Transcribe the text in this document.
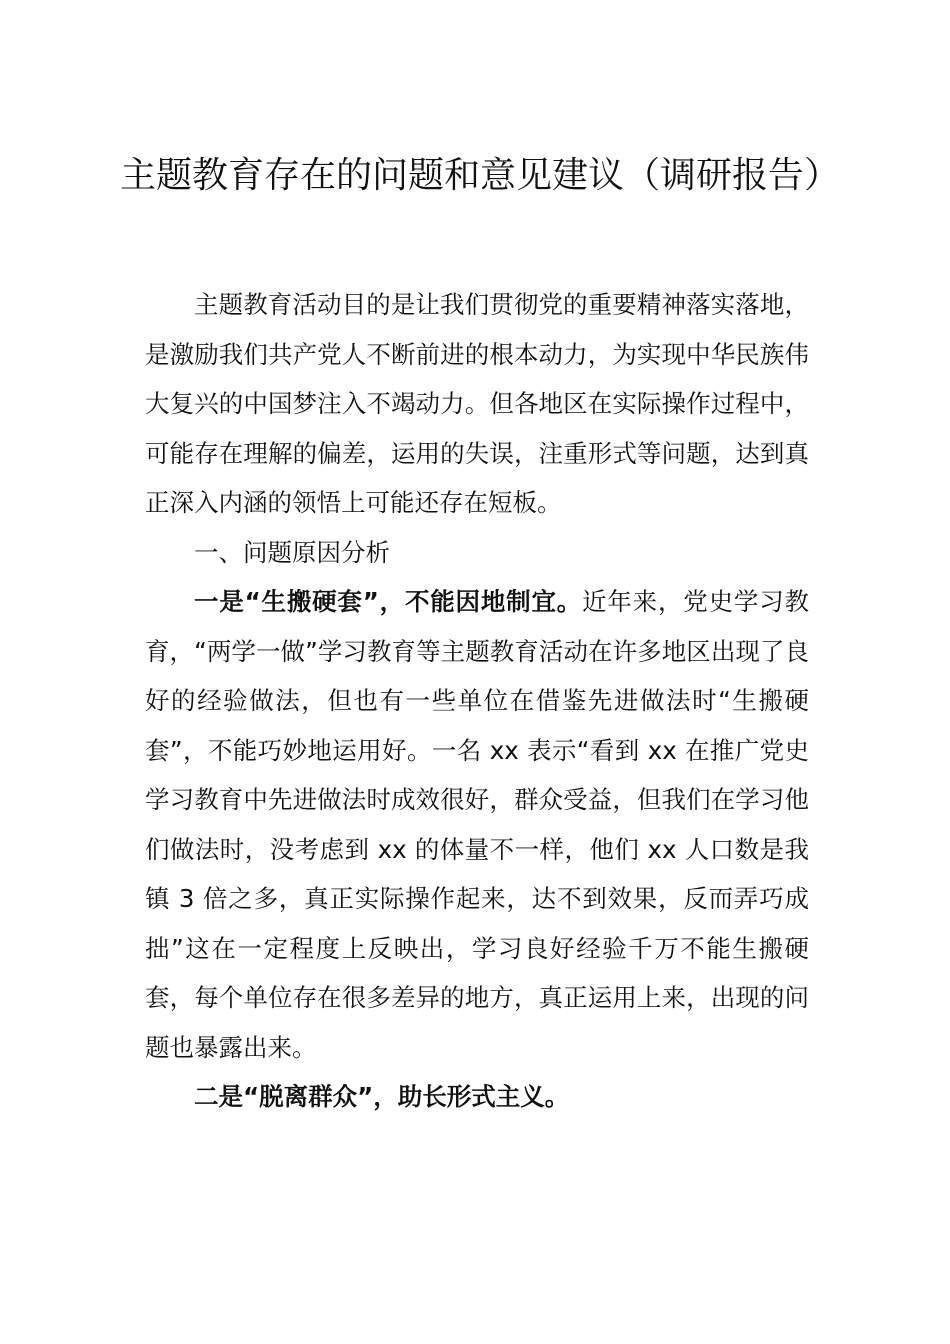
主题教育存在的问题和意见建议（调研报告）

主题教育活动目的是让我们贯彻党的重要精神落实落地，是激励我们共产党人不断前进的根本动力，为实现中华民族伟大复兴的中国梦注入不竭动力。但各地区在实际操作过程中，可能存在理解的偏差，运用的失误，注重形式等问题，达到真正深入内涵的领悟上可能还存在短板。

一、问题原因分析

一是“生搬硬套”，不能因地制宜。近年来，党史学习教育，“两学一做”学习教育等主题教育活动在许多地区出现了良好的经验做法，但也有一些单位在借鉴先进做法时“生搬硬套”，不能巧妙地运用好。一名 xx 表示“看到 xx 在推广党史学习教育中先进做法时成效很好，群众受益，但我们在学习他们做法时，没考虑到 xx 的体量不一样，他们 xx 人口数是我镇 3 倍之多，真正实际操作起来，达不到效果，反而弄巧成拙”这在一定程度上反映出，学习良好经验千万不能生搬硬套，每个单位存在很多差异的地方，真正运用上来，出现的问题也暴露出来。

二是“脱离群众”，助长形式主义。
